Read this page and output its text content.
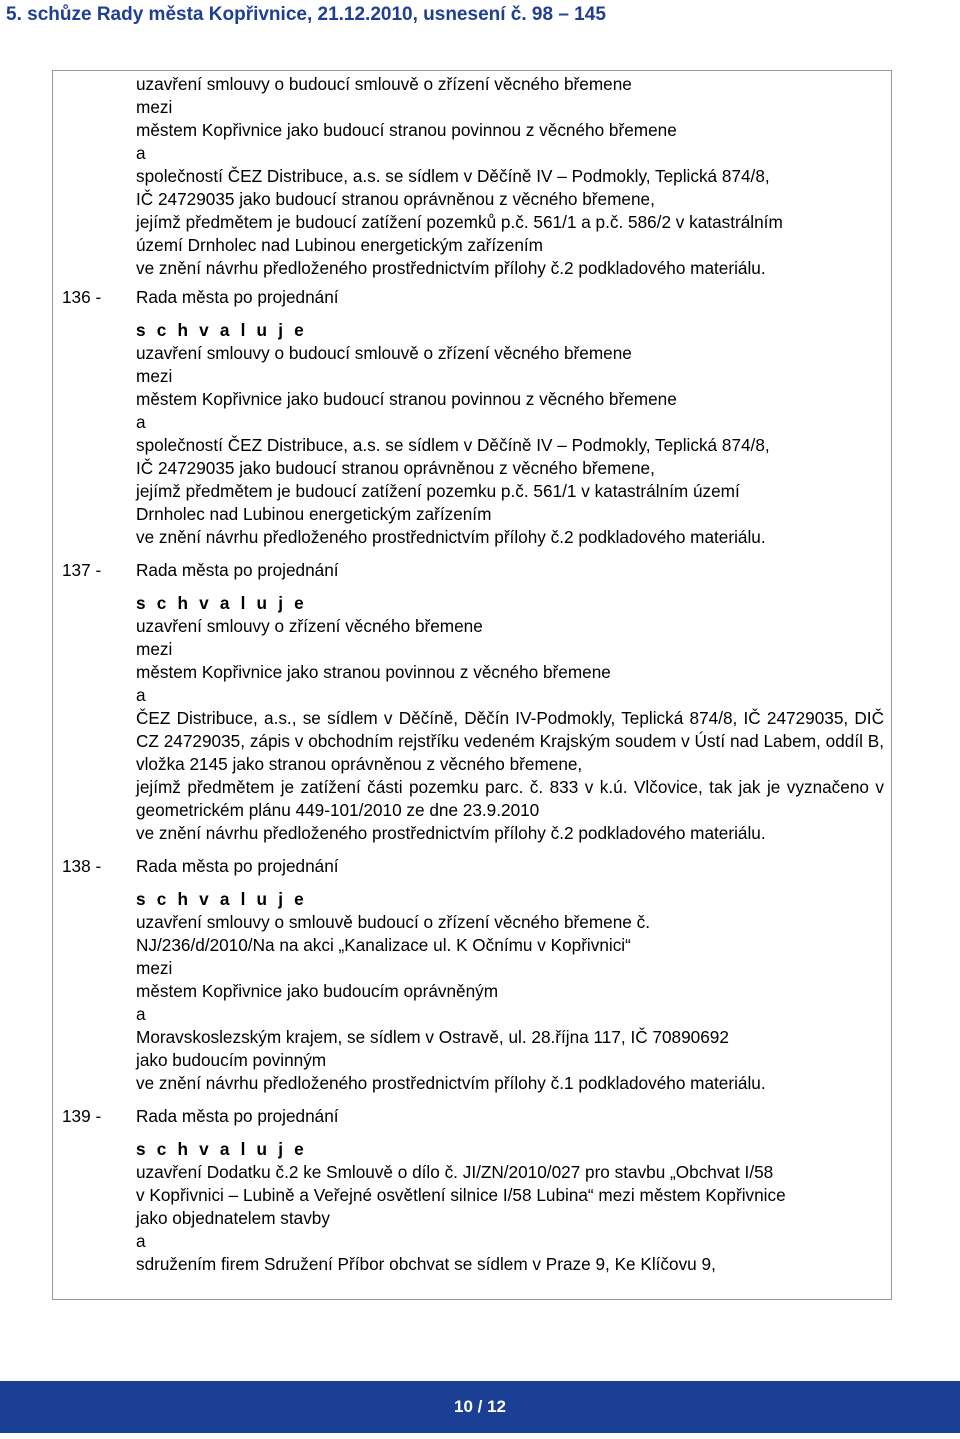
5. schůze Rady města Kopřivnice, 21.12.2010, usnesení č. 98 – 145
uzavření smlouvy o budoucí smlouvě o zřízení věcného břemene
mezi
městem Kopřivnice jako budoucí stranou povinnou z věcného břemene
a
společností ČEZ Distribuce, a.s. se sídlem v Děčíně IV – Podmokly, Teplická 874/8,
IČ 24729035 jako budoucí stranou oprávněnou z věcného břemene,
jejímž předmětem je budoucí zatížení pozemků p.č. 561/1 a p.č. 586/2 v katastrálním
území Drnholec nad Lubinou energetickým zařízením
ve znění návrhu předloženého prostřednictvím přílohy č.2 podkladového materiálu.
136 -	Rada města po projednání
s c h v a l u j e
uzavření smlouvy o budoucí smlouvě o zřízení věcného břemene
mezi
městem Kopřivnice jako budoucí stranou povinnou z věcného břemene
a
společností ČEZ Distribuce, a.s. se sídlem v Děčíně IV – Podmokly, Teplická 874/8,
IČ 24729035 jako budoucí stranou oprávněnou z věcného břemene,
jejímž předmětem je budoucí zatížení pozemku p.č. 561/1 v katastrálním území
Drnholec nad Lubinou energetickým zařízením
ve znění návrhu předloženého prostřednictvím přílohy č.2 podkladového materiálu.
137 -	Rada města po projednání
s c h v a l u j e
uzavření smlouvy o zřízení věcného břemene
mezi
městem Kopřivnice jako stranou povinnou z věcného břemene
a
ČEZ Distribuce, a.s., se sídlem v Děčíně, Děčín IV-Podmokly, Teplická 874/8, IČ 24729035, DIČ CZ 24729035, zápis v obchodním rejstříku vedeném Krajským soudem v Ústí nad Labem, oddíl B, vložka 2145 jako stranou oprávněnou z věcného břemene,
jejímž předmětem je zatížení části pozemku parc. č. 833 v k.ú. Vlčovice, tak jak je vyznačeno v geometrickém plánu 449-101/2010 ze dne 23.9.2010
ve znění návrhu předloženého prostřednictvím přílohy č.2 podkladového materiálu.
138 -	Rada města po projednání
s c h v a l u j e
uzavření smlouvy o smlouvě budoucí o zřízení věcného břemene č.
NJ/236/d/2010/Na na akci „Kanalizace ul. K Očnímu v Kopřivnici“
mezi
městem Kopřivnice jako budoucím oprávněným
a
Moravskoslezským krajem, se sídlem v Ostravě, ul. 28.října 117, IČ 70890692
jako budoucím povinným
ve znění návrhu předloženého prostřednictvím přílohy č.1 podkladového materiálu.
139 -	Rada města po projednání
s c h v a l u j e
uzavření Dodatku č.2 ke Smlouvě o dílo č. JI/ZN/2010/027 pro stavbu „Obchvat I/58
v Kopřivnici – Lubině a Veřejné osvětlení silnice I/58 Lubina“ mezi městem Kopřivnice
jako objednatelem stavby
a
sdružením firem Sdružení Příbor obchvat se sídlem v Praze 9, Ke Klíčovu 9,
10 / 12
